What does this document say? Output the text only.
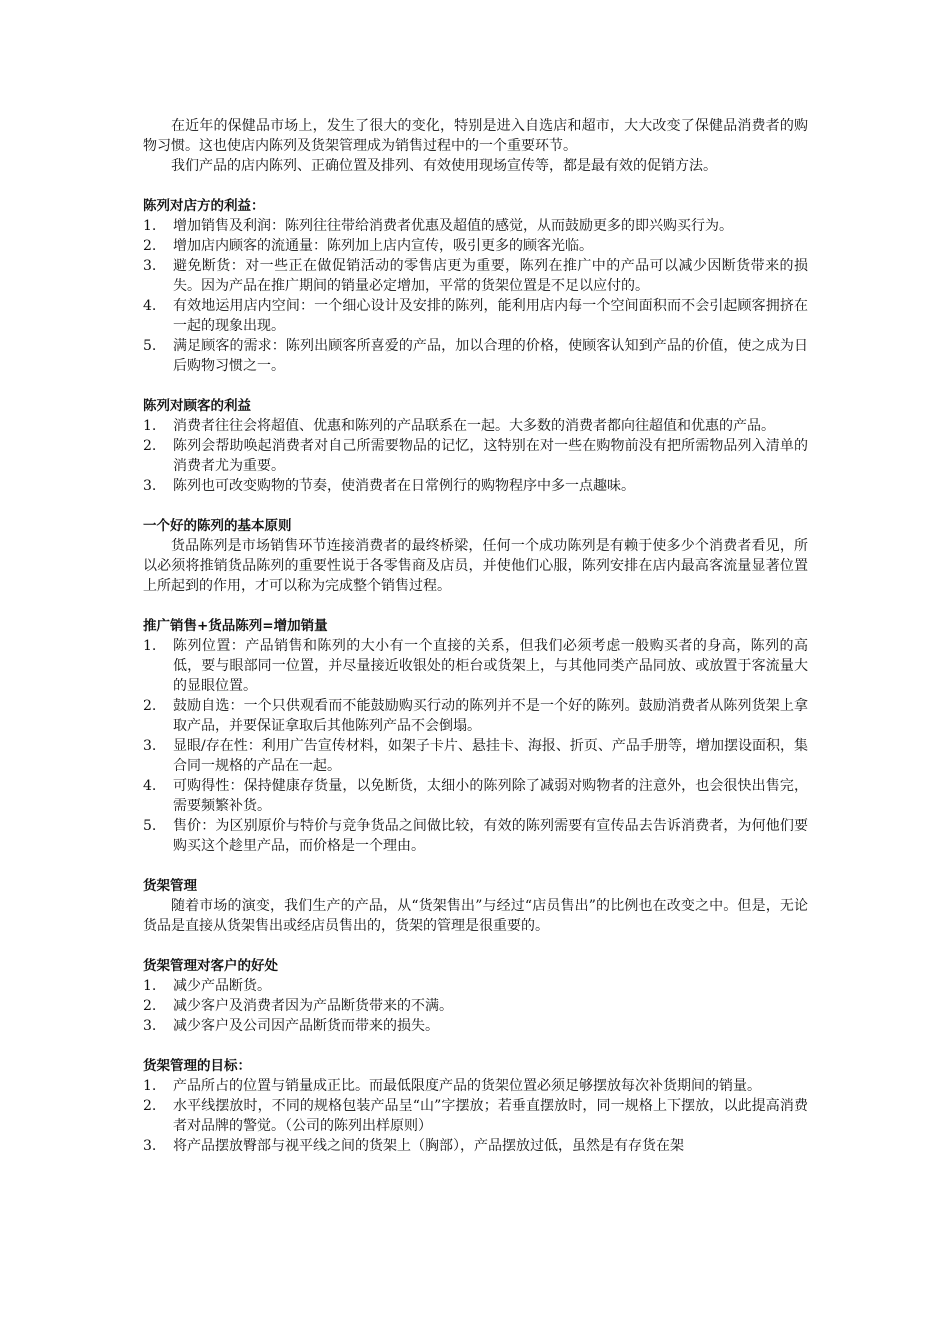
在近年的保健品市场上，发生了很大的变化，特别是进入自选店和超市，大大改变了保健品消费者的购物习惯。这也使店内陈列及货架管理成为销售过程中的一个重要环节。

我们产品的店内陈列、正确位置及排列、有效使用现场宣传等，都是最有效的促销方法。

陈列对店方的利益：

1. 增加销售及利润：陈列往往带给消费者优惠及超值的感觉，从而鼓励更多的即兴购买行为。
2. 增加店内顾客的流通量：陈列加上店内宣传，吸引更多的顾客光临。
3. 避免断货：对一些正在做促销活动的零售店更为重要，陈列在推广中的产品可以减少因断货带来的损失。因为产品在推广期间的销量必定增加，平常的货架位置是不足以应付的。
4. 有效地运用店内空间：一个细心设计及安排的陈列，能利用店内每一个空间面积而不会引起顾客拥挤在一起的现象出现。
5. 满足顾客的需求：陈列出顾客所喜爱的产品，加以合理的价格，使顾客认知到产品的价值，使之成为日后购物习惯之一。

陈列对顾客的利益

1. 消费者往往会将超值、优惠和陈列的产品联系在一起。大多数的消费者都向往超值和优惠的产品。
2. 陈列会帮助唤起消费者对自己所需要物品的记忆，这特别在对一些在购物前没有把所需物品列入清单的消费者尤为重要。
3. 陈列也可改变购物的节奏，使消费者在日常例行的购物程序中多一点趣味。

一个好的陈列的基本原则

货品陈列是市场销售环节连接消费者的最终桥梁，任何一个成功陈列是有赖于使多少个消费者看见，所以必须将推销货品陈列的重要性说于各零售商及店员，并使他们心服，陈列安排在店内最高客流量显著位置上所起到的作用，才可以称为完成整个销售过程。

推广销售+货品陈列=增加销量

1. 陈列位置：产品销售和陈列的大小有一个直接的关系，但我们必须考虑一般购买者的身高，陈列的高低，要与眼部同一位置，并尽量接近收银处的柜台或货架上，与其他同类产品同放、或放置于客流量大的显眼位置。
2. 鼓励自选：一个只供观看而不能鼓励购买行动的陈列并不是一个好的陈列。鼓励消费者从陈列货架上拿取产品，并要保证拿取后其他陈列产品不会倒塌。
3. 显眼/存在性：利用广告宣传材料，如架子卡片、悬挂卡、海报、折页、产品手册等，增加摆设面积，集合同一规格的产品在一起。
4. 可购得性：保持健康存货量，以免断货，太细小的陈列除了减弱对购物者的注意外，也会很快出售完，需要频繁补货。
5. 售价：为区别原价与特价与竞争货品之间做比较，有效的陈列需要有宣传品去告诉消费者，为何他们要购买这个趁里产品，而价格是一个理由。

货架管理

随着市场的演变，我们生产的产品，从“货架售出”与经过“店员售出”的比例也在改变之中。但是，无论货品是直接从货架售出或经店员售出的，货架的管理是很重要的。

货架管理对客户的好处

1. 减少产品断货。
2. 减少客户及消费者因为产品断货带来的不满。
3. 减少客户及公司因产品断货而带来的损失。

货架管理的目标：

1. 产品所占的位置与销量成正比。而最低限度产品的货架位置必须足够摆放每次补货期间的销量。
2. 水平线摆放时，不同的规格包装产品呈“山”字摆放；若垂直摆放时，同一规格上下摆放，以此提高消费者对品牌的警觉。（公司的陈列出样原则）
3. 将产品摆放臀部与视平线之间的货架上（胸部），产品摆放过低，虽然是有存货在架
